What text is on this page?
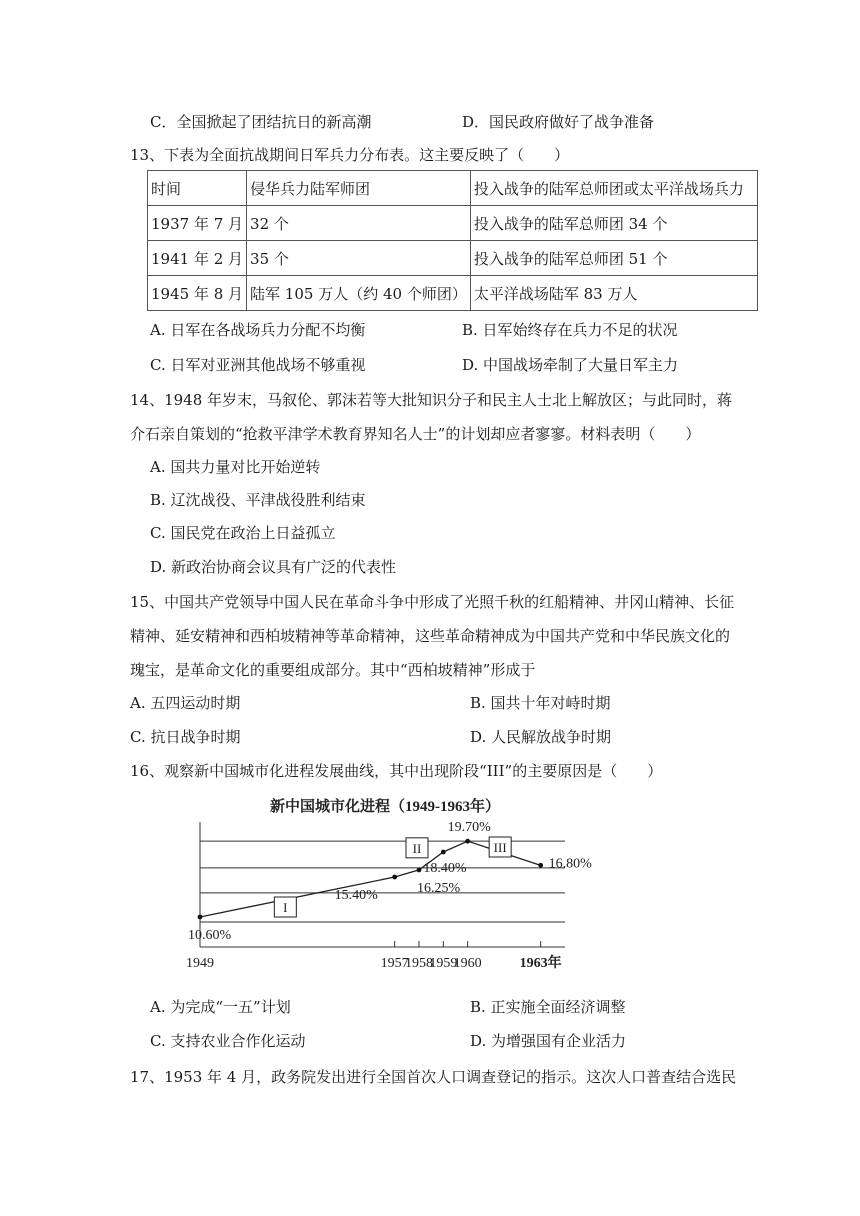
C．全国掀起了团结抗日的新高潮	D．国民政府做好了战争准备
13、下表为全面抗战期间日军兵力分布表。这主要反映了（　　）
时间	侵华兵力陆军师团	投入战争的陆军总师团或太平洋战场兵力
1937 年 7 月	32 个	投入战争的陆军总师团 34 个
1941 年 2 月	35 个	投入战争的陆军总师团 51 个
1945 年 8 月	陆军 105 万人（约 40 个师团）	太平洋战场陆军 83 万人
A. 日军在各战场兵力分配不均衡	B. 日军始终存在兵力不足的状况
C. 日军对亚洲其他战场不够重视	D. 中国战场牵制了大量日军主力
14、1948 年岁末，马叙伦、郭沫若等大批知识分子和民主人士北上解放区；与此同时，蒋
介石亲自策划的“抢救平津学术教育界知名人士”的计划却应者寥寥。材料表明（　　）
A. 国共力量对比开始逆转
B. 辽沈战役、平津战役胜利结束
C. 国民党在政治上日益孤立
D. 新政治协商会议具有广泛的代表性
15、中国共产党领导中国人民在革命斗争中形成了光照千秋的红船精神、井冈山精神、长征
精神、延安精神和西柏坡精神等革命精神，这些革命精神成为中国共产党和中华民族文化的
瑰宝，是革命文化的重要组成部分。其中“西柏坡精神”形成于
A. 五四运动时期	B. 国共十年对峙时期
C. 抗日战争时期	D. 人民解放战争时期
16、观察新中国城市化进程发展曲线，其中出现阶段“III”的主要原因是（　　）
新中国城市化进程（1949-1963年）
10.60%
15.40%	16.25%
18.40%
19.70%
16.80%
1949	1957
1958
1959
1960	1963年
I
II	III
A. 为完成“一五”计划	B. 正实施全面经济调整
C. 支持农业合作化运动	D. 为增强国有企业活力
17、1953 年 4 月，政务院发出进行全国首次人口调查登记的指示。这次人口普查结合选民
